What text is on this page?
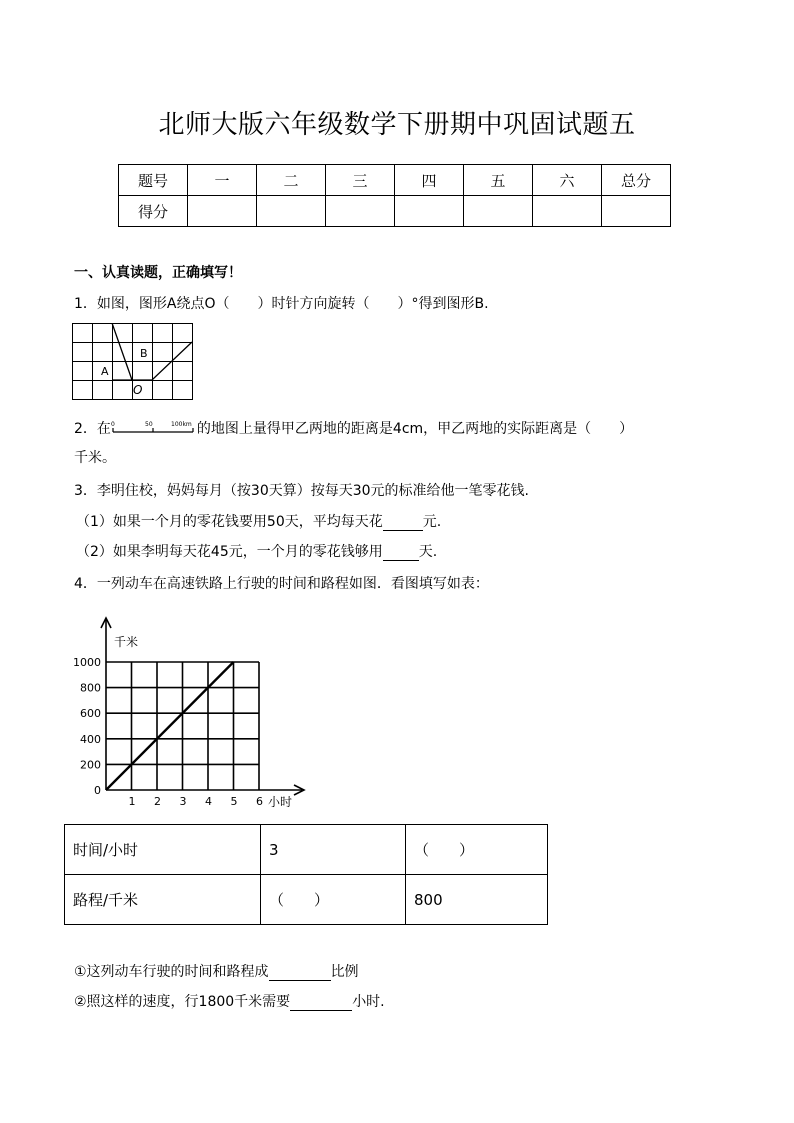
北师大版六年级数学下册期中巩固试题五
题号	一	二	三	四	五	六	总分
得分							
一、认真读题，正确填写！
1．如图，图形A绕点O（　　）时针方向旋转（　　）°得到图形B.
A
B
O
2．在 0	50	100km 的地图上量得甲乙两地的距离是4cm，甲乙两地的实际距离是（　　）
千米。
3．李明住校，妈妈每月（按30天算）按每天30元的标准给他一笔零花钱.
（1）如果一个月的零花钱要用50天，平均每天花	元.
（2）如果李明每天花45元，一个月的零花钱够用	天.
4．一列动车在高速铁路上行驶的时间和路程如图．看图填写如表：
1 2 3 4 5 6
0
200
400
600
800
1000
千米
小时
时间/小时	3	（　　）
路程/千米	（　　）	800
①这列动车行驶的时间和路程成	比例
②照这样的速度，行1800千米需要	小时.
